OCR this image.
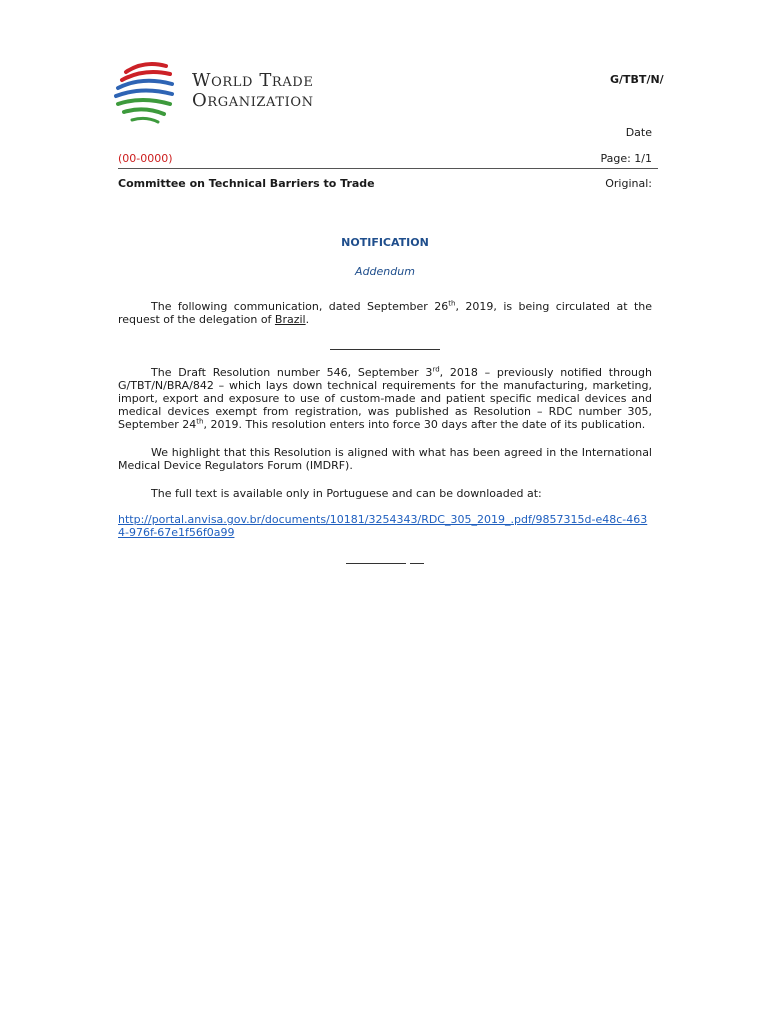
World Trade
Organization
G/TBT/N/
Date
(00-0000)	Page: 1/1
Committee on Technical Barriers to Trade	Original:
NOTIFICATION
Addendum
The following communication, dated September 26th, 2019, is being circulated at the request of the delegation of Brazil.
The Draft Resolution number 546, September 3rd, 2018 – previously notified through G/TBT/N/BRA/842 – which lays down technical requirements for the manufacturing, marketing, import, export and exposure to use of custom-made and patient specific medical devices and medical devices exempt from registration, was published as Resolution – RDC number 305, September 24th, 2019. This resolution enters into force 30 days after the date of its publication.
We highlight that this Resolution is aligned with what has been agreed in the International Medical Device Regulators Forum (IMDRF).
The full text is available only in Portuguese and can be downloaded at:
http://portal.anvisa.gov.br/documents/10181/3254343/RDC_305_2019_.pdf/9857315d-e48c-4634-976f-67e1f56f0a99
